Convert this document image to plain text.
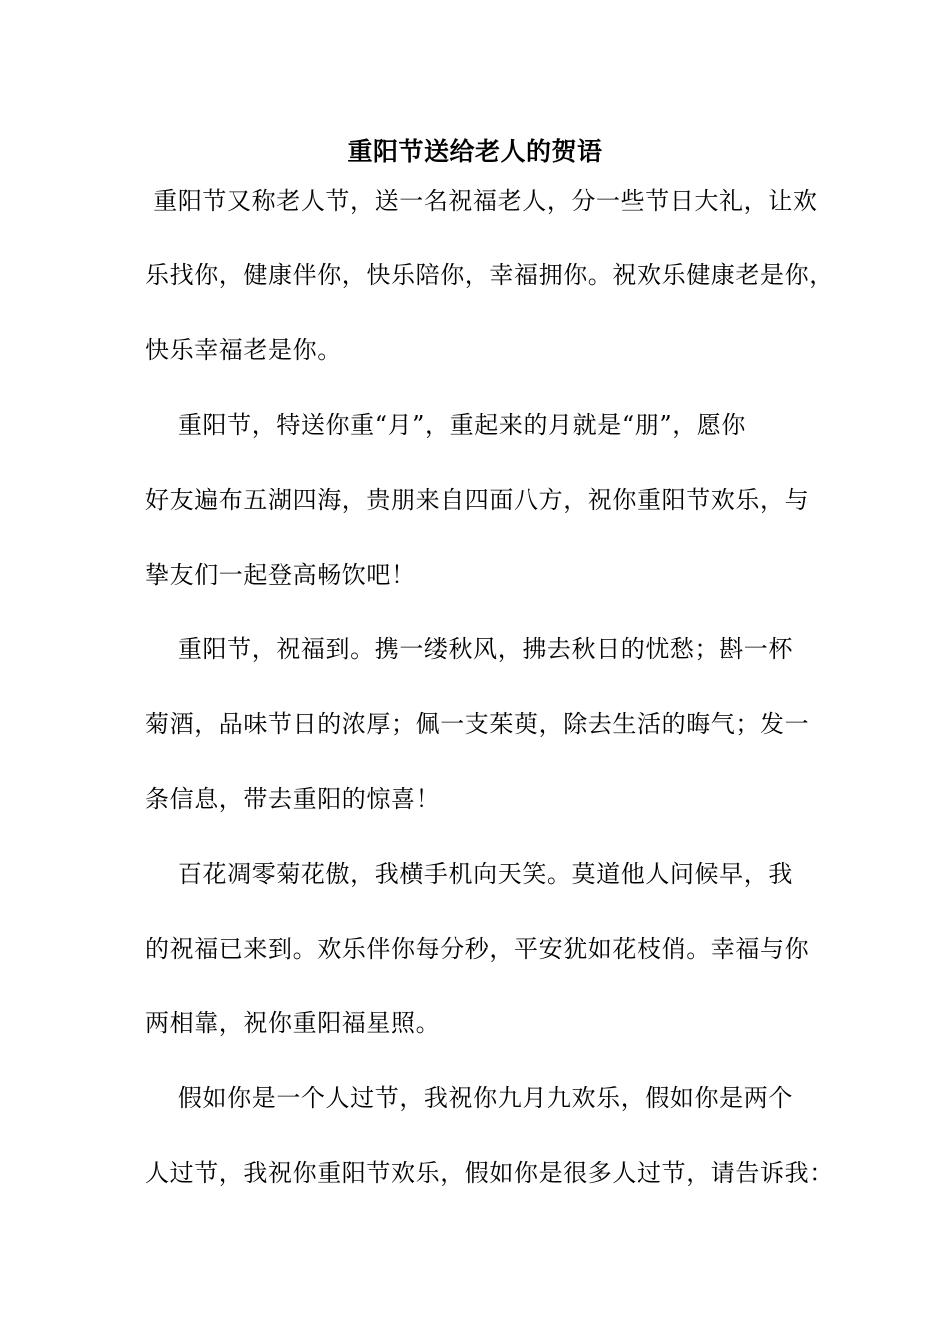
重阳节送给老人的贺语
重阳节又称老人节，送一名祝福老人，分一些节日大礼，让欢
乐找你，健康伴你，快乐陪你，幸福拥你。祝欢乐健康老是你，
快乐幸福老是你。
重阳节，特送你重“月”，重起来的月就是“朋”，愿你
好友遍布五湖四海，贵朋来自四面八方，祝你重阳节欢乐，与
挚友们一起登高畅饮吧！
重阳节，祝福到。携一缕秋风，拂去秋日的忧愁；斟一杯
菊酒，品味节日的浓厚；佩一支茱萸，除去生活的晦气；发一
条信息，带去重阳的惊喜！
百花凋零菊花傲，我横手机向天笑。莫道他人问候早，我
的祝福已来到。欢乐伴你每分秒，平安犹如花枝俏。幸福与你
两相靠，祝你重阳福星照。
假如你是一个人过节，我祝你九月九欢乐，假如你是两个
人过节，我祝你重阳节欢乐，假如你是很多人过节，请告诉我：
